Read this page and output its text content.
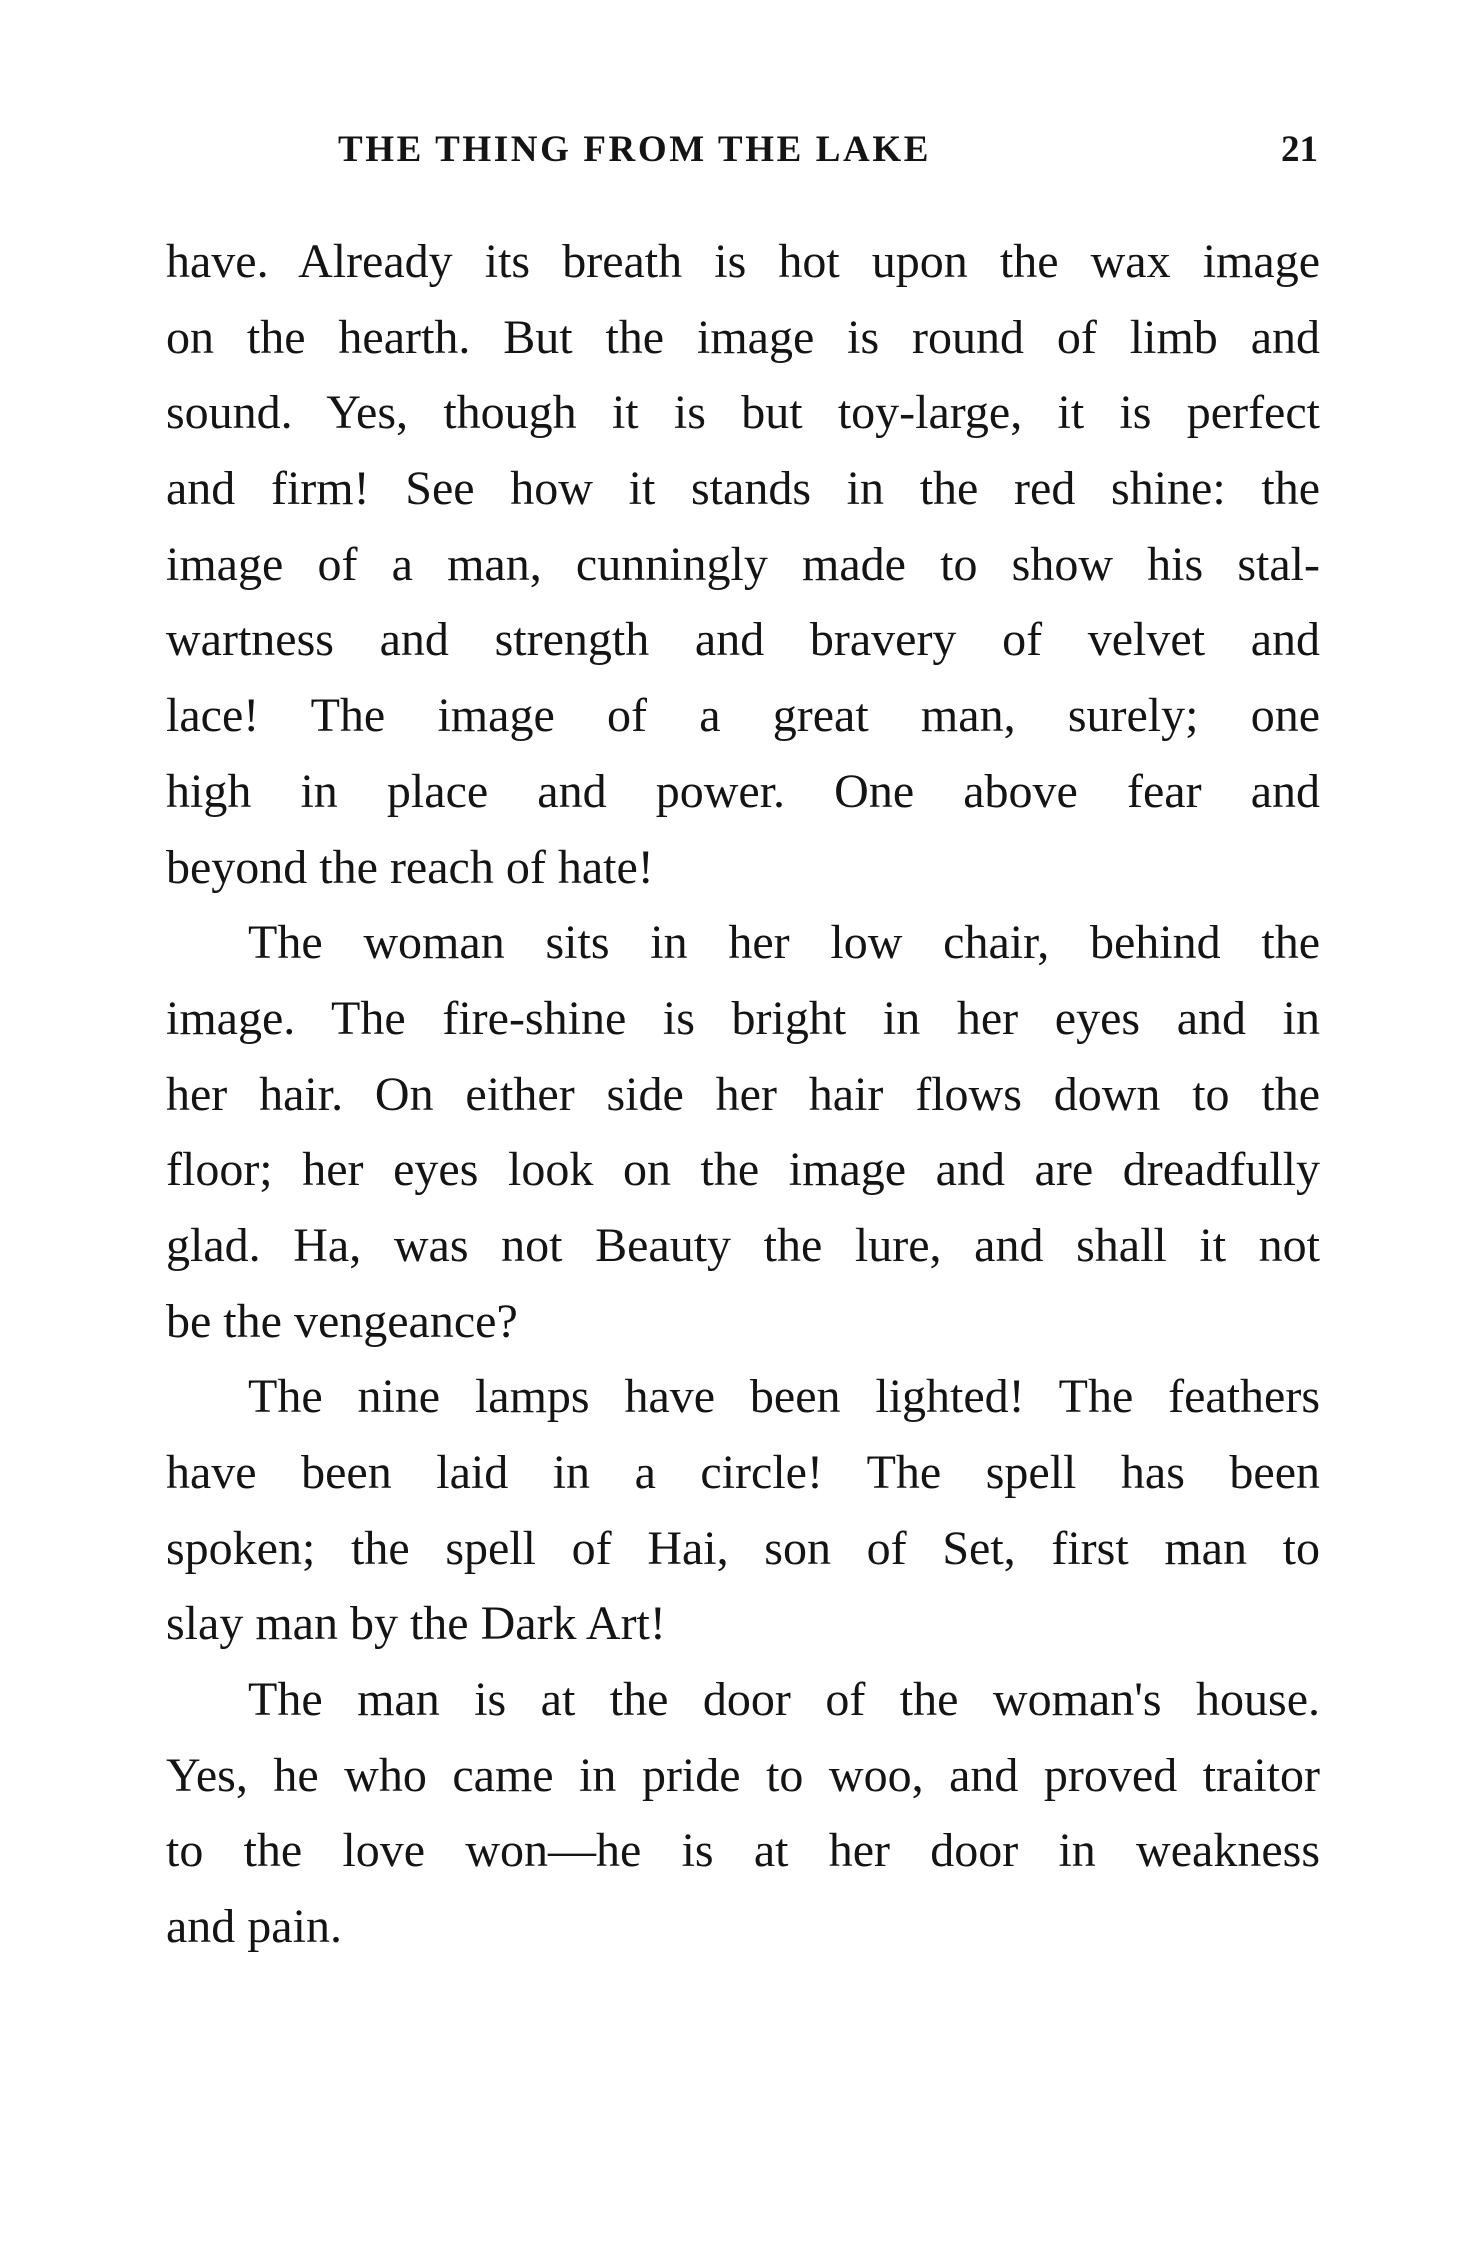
THE THING FROM THE LAKE	21

have. Already its breath is hot upon the wax image
on the hearth. But the image is round of limb and
sound. Yes, though it is but toy-large, it is perfect
and firm! See how it stands in the red shine: the
image of a man, cunningly made to show his stal-
wartness and strength and bravery of velvet and
lace! The image of a great man, surely; one
high in place and power. One above fear and
beyond the reach of hate!

The woman sits in her low chair, behind the
image. The fire-shine is bright in her eyes and in
her hair. On either side her hair flows down to the
floor; her eyes look on the image and are dreadfully
glad. Ha, was not Beauty the lure, and shall it not
be the vengeance?

The nine lamps have been lighted! The feathers
have been laid in a circle! The spell has been
spoken; the spell of Hai, son of Set, first man to
slay man by the Dark Art!

The man is at the door of the woman's house.
Yes, he who came in pride to woo, and proved traitor
to the love won—he is at her door in weakness
and pain.
